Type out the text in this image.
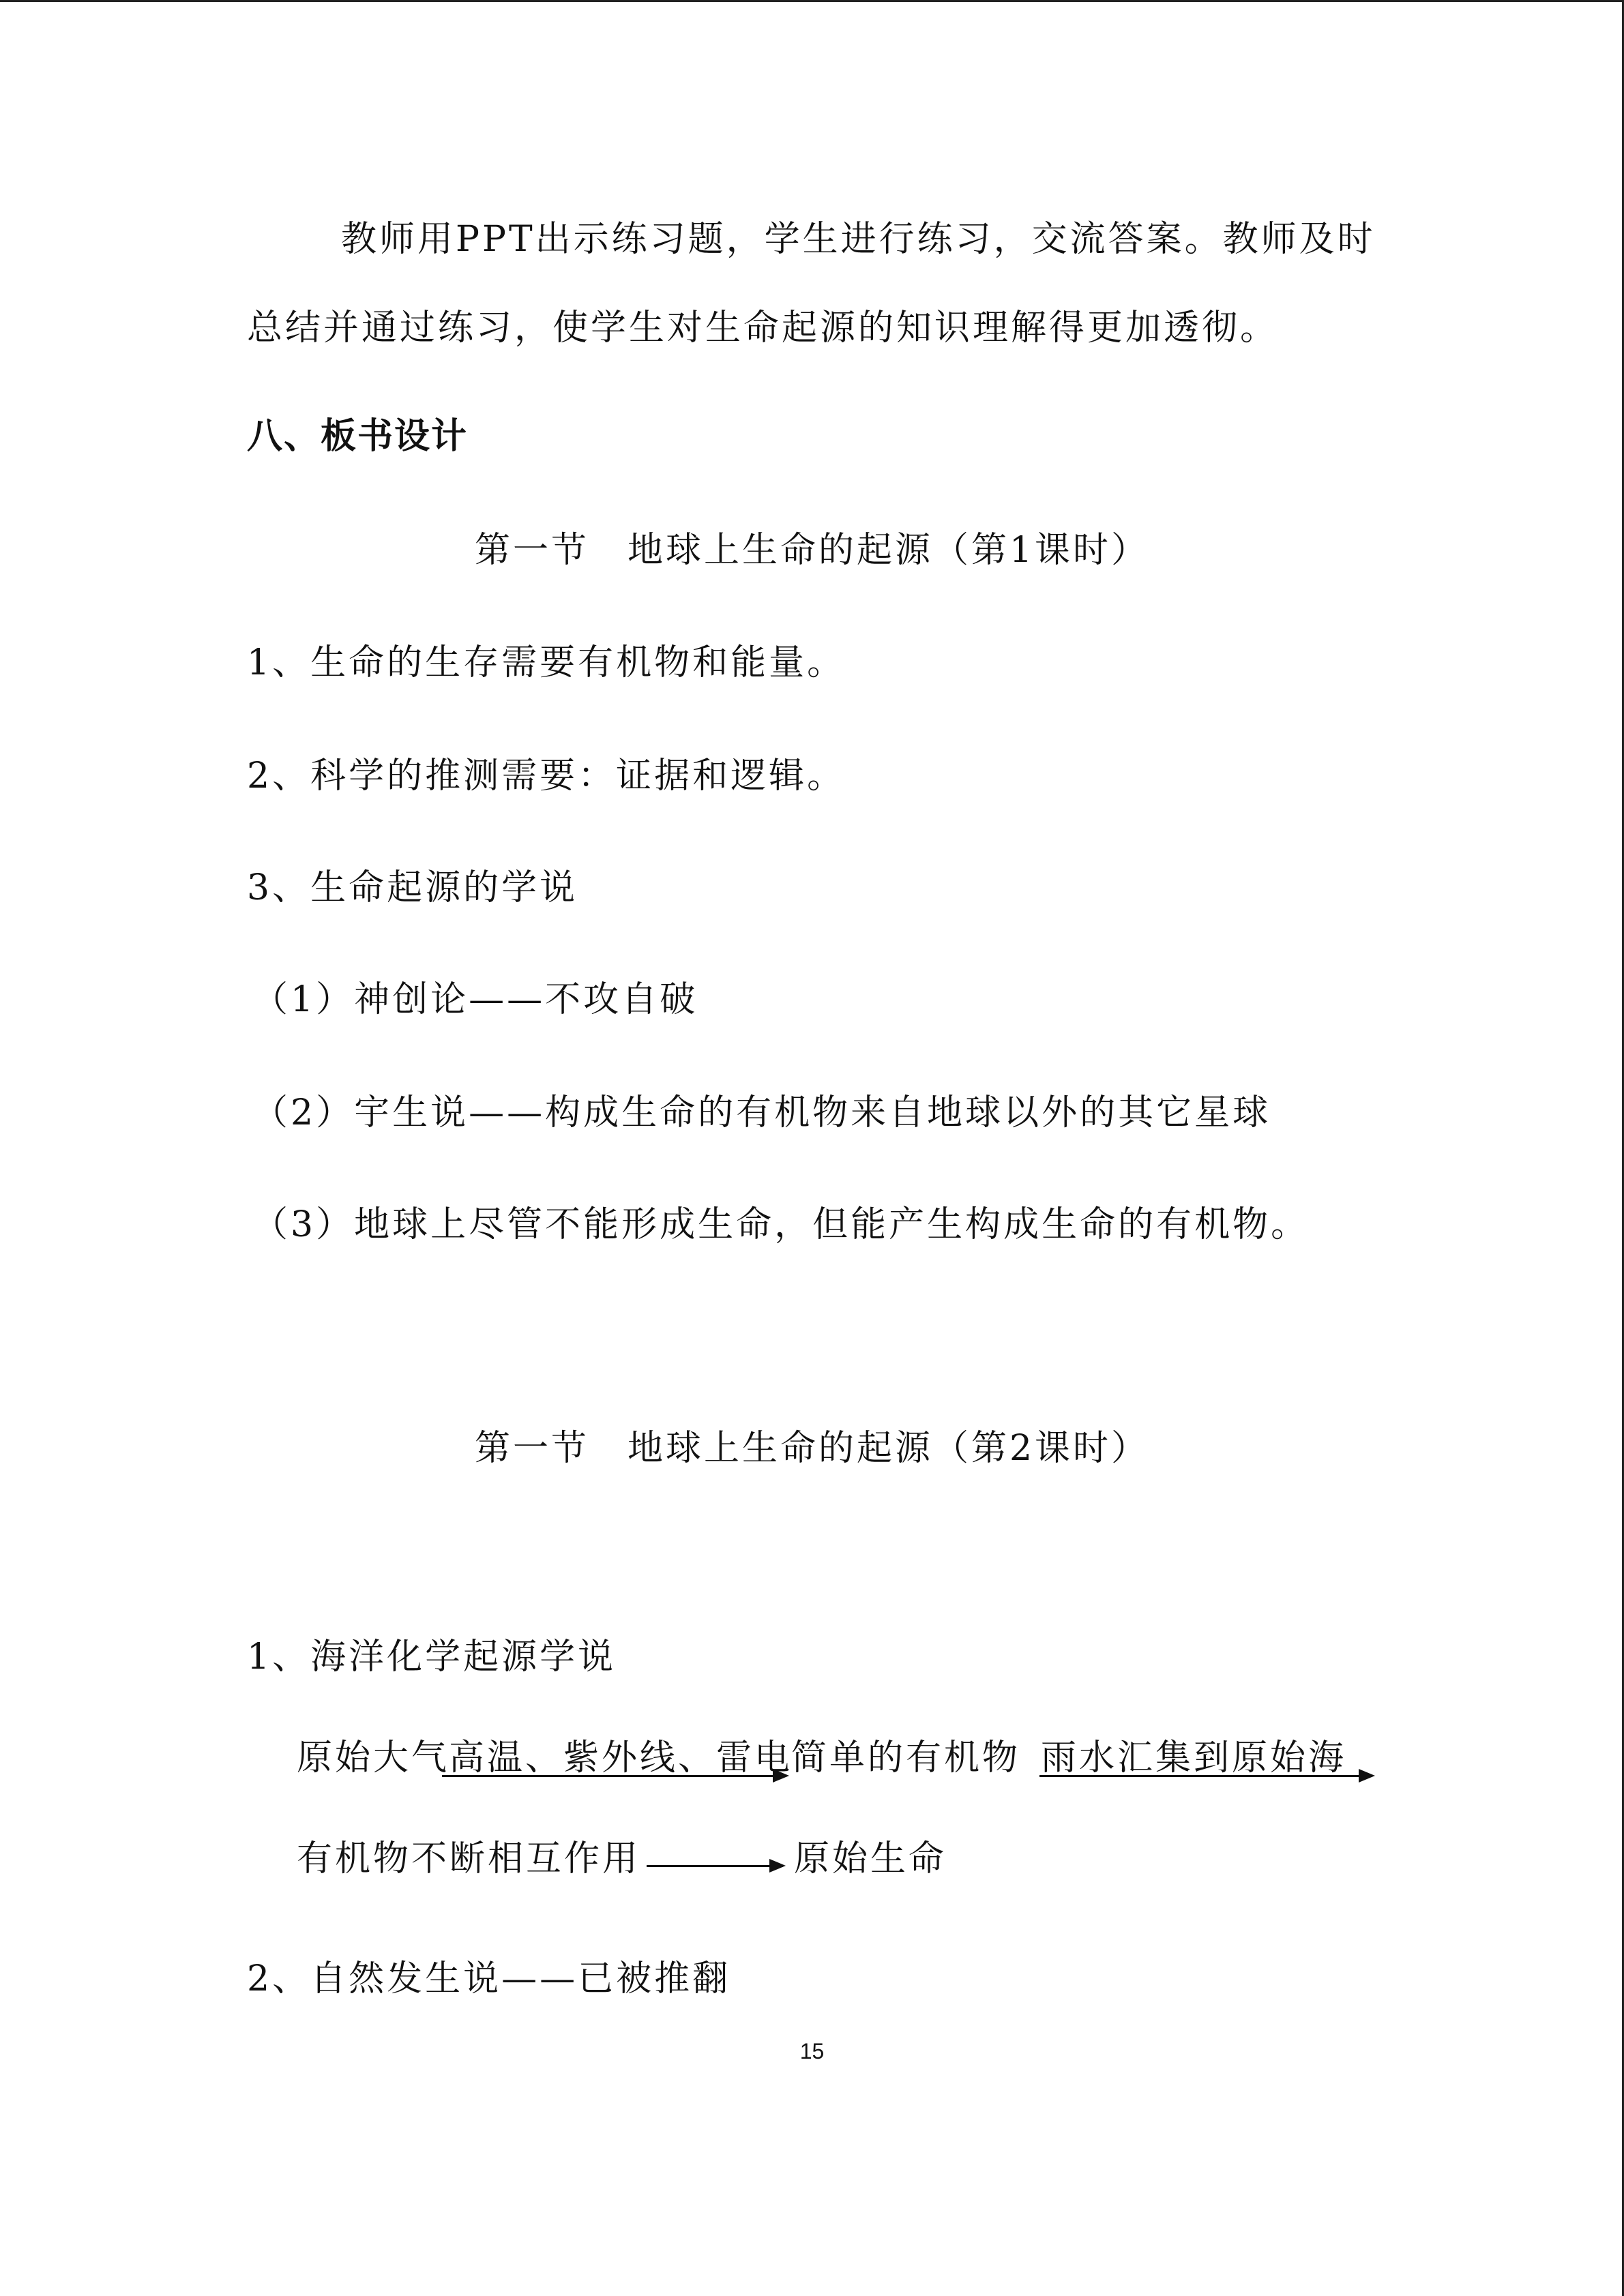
教师用PPT出示练习题，学生进行练习，交流答案。教师及时
总结并通过练习，使学生对生命起源的知识理解得更加透彻。
八、板书设计
第一节　地球上生命的起源（第1课时）
1、生命的生存需要有机物和能量。
2、科学的推测需要：证据和逻辑。
3、生命起源的学说
（1）神创论——不攻自破
（2）宇生说——构成生命的有机物来自地球以外的其它星球
（3）地球上尽管不能形成生命，但能产生构成生命的有机物。
第一节　地球上生命的起源（第2课时）
1、海洋化学起源学说
原始大气
高温、紫外线、雷电
简单的有机物 雨水汇集到原始海
有机物不断相互作用	原始生命
2、自然发生说——已被推翻
15
